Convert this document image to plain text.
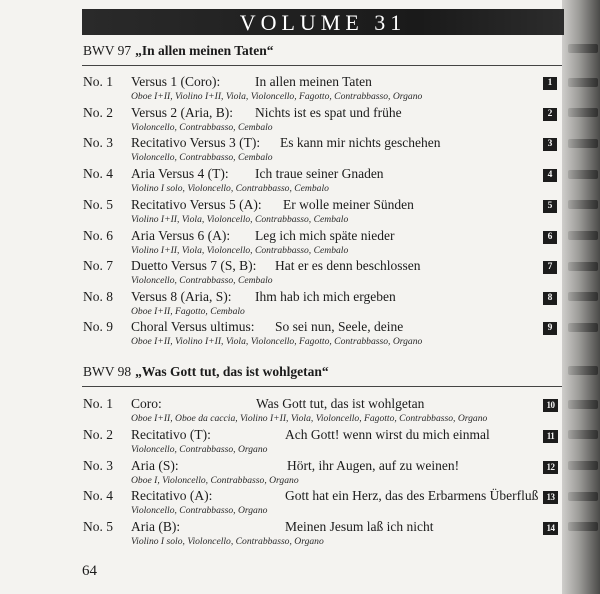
VOLUME 31
BWV 97 „In allen meinen Taten“
No. 1 Versus 1 (Coro):	In allen meinen Taten
Oboe I+II, Violino I+II, Viola, Violoncello, Fagotto, Contrabbasso, Organo
1
No. 2 Versus 2 (Aria, B): Nichts ist es spat und frühe
Violoncello, Contrabbasso, Cembalo
2
No. 3 Recitativo Versus 3 (T): Es kann mir nichts geschehen
Violoncello, Contrabbasso, Cembalo
3
No. 4 Aria Versus 4 (T): Ich traue seiner Gnaden
Violino I solo, Violoncello, Contrabbasso, Cembalo
4
No. 5 Recitativo Versus 5 (A): Er wolle meiner Sünden
Violino I+II, Viola, Violoncello, Contrabbasso, Cembalo
5
No. 6 Aria Versus 6 (A): Leg ich mich späte nieder
Violino I+II, Viola, Violoncello, Contrabbasso, Cembalo
6
No. 7 Duetto Versus 7 (S, B): Hat er es denn beschlossen
Violoncello, Contrabbasso, Cembalo
7
No. 8 Versus 8 (Aria, S): Ihm hab ich mich ergeben
Oboe I+II, Fagotto, Cembalo
8
No. 9 Choral Versus ultimus: So sei nun, Seele, deine
Oboe I+II, Violino I+II, Viola, Violoncello, Fagotto, Contrabbasso, Organo
9
BWV 98 „Was Gott tut, das ist wohlgetan“
No. 1 Coro:	Was Gott tut, das ist wohlgetan
Oboe I+II, Oboe da caccia, Violino I+II, Viola, Violoncello, Fagotto, Contrabbasso, Organo
10
No. 2 Recitativo (T):	Ach Gott! wenn wirst du mich einmal
Violoncello, Contrabbasso, Organo
11
No. 3 Aria (S):	Hört, ihr Augen, auf zu weinen!
Oboe I, Violoncello, Contrabbasso, Organo
12
No. 4 Recitativo (A):	Gott hat ein Herz, das des Erbarmens Überfluß
Violoncello, Contrabbasso, Organo
13
No. 5 Aria (B):	Meinen Jesum laß ich nicht
Violino I solo, Violoncello, Contrabbasso, Organo
14
64
